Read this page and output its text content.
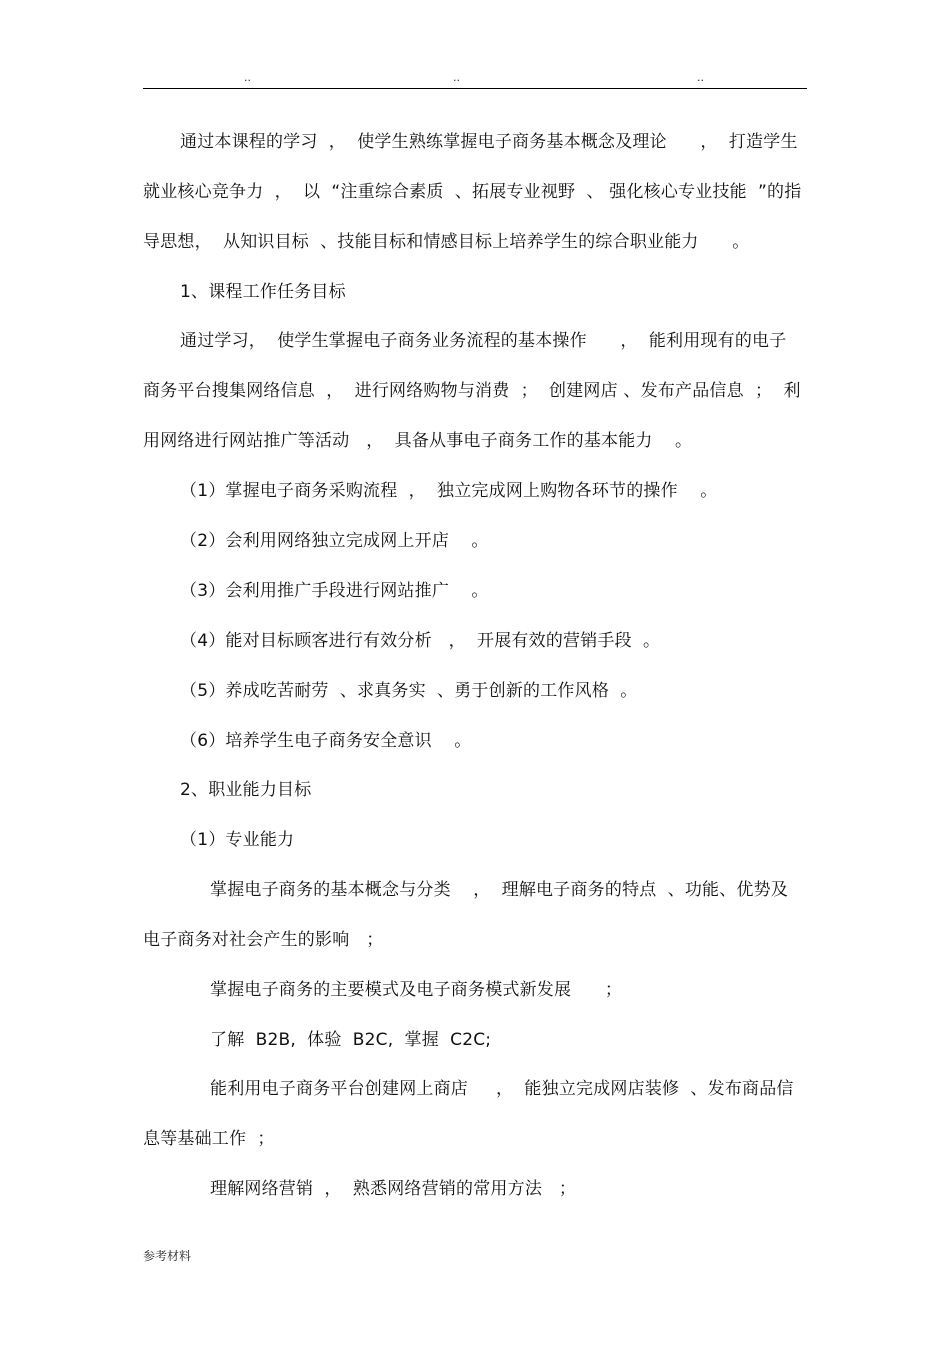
..	..	..
通过本课程的学习  ，  使学生熟练掌握电子商务基本概念及理论      ，  打造学生
就业核心竞争力  ，  以  “注重综合素质  、拓展专业视野  、 强化核心专业技能  ”的指
导思想，  从知识目标  、技能目标和情感目标上培养学生的综合职业能力      。
1、课程工作任务目标
通过学习，  使学生掌握电子商务业务流程的基本操作      ，  能利用现有的电子
商务平台搜集网络信息  ，  进行网络购物与消费  ；  创建网店 、发布产品信息  ；  利
用网络进行网站推广等活动   ，  具备从事电子商务工作的基本能力    。
（1）掌握电子商务采购流程  ，  独立完成网上购物各环节的操作    。
（2）会利用网络独立完成网上开店    。
（3）会利用推广手段进行网站推广    。
（4）能对目标顾客进行有效分析   ，  开展有效的营销手段  。
（5）养成吃苦耐劳  、求真务实  、勇于创新的工作风格  。
（6）培养学生电子商务安全意识    。
2、职业能力目标
（1）专业能力
掌握电子商务的基本概念与分类    ，  理解电子商务的特点  、功能、优势及
电子商务对社会产生的影响   ；
掌握电子商务的主要模式及电子商务模式新发展      ；
了解  B2B,  体验  B2C,  掌握  C2C;
能利用电子商务平台创建网上商店     ，  能独立完成网店装修  、发布商品信
息等基础工作  ；
理解网络营销  ，  熟悉网络营销的常用方法   ；
参考材料
